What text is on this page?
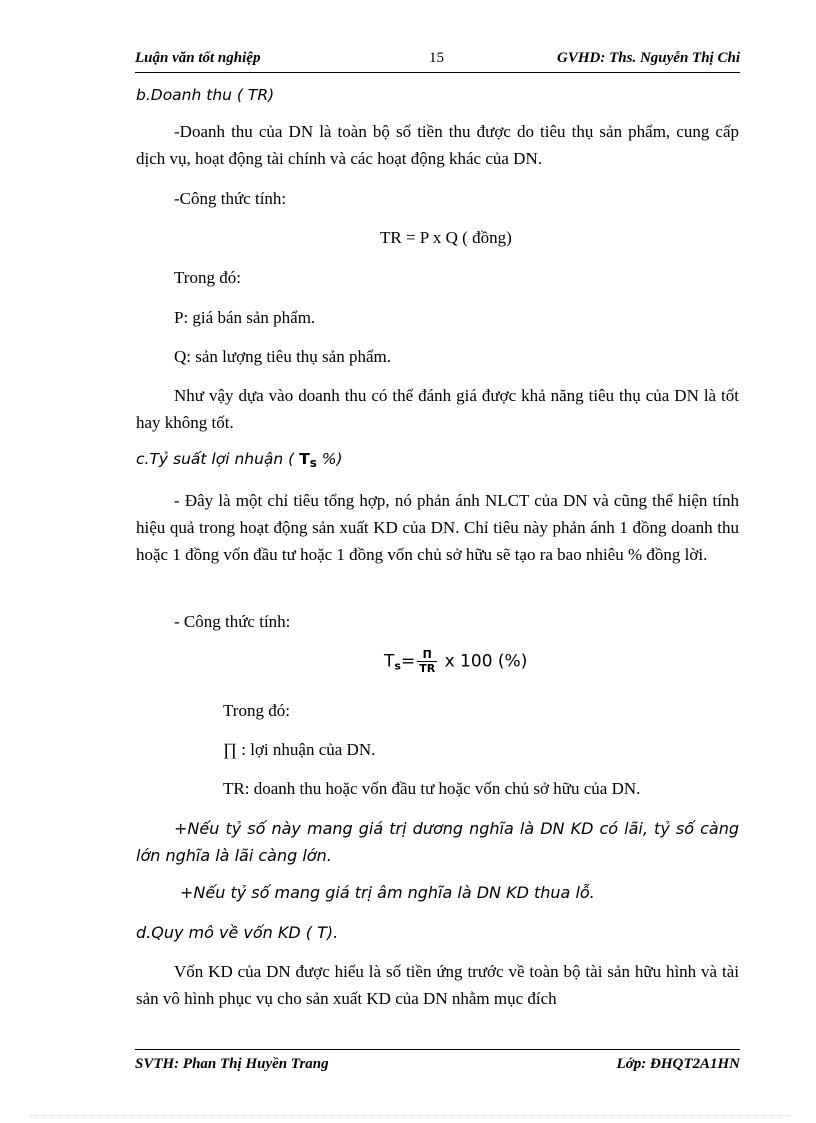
Luận văn tốt nghiệp	15	GVHD: Ths. Nguyễn Thị Chi
b.Doanh thu ( TR)
-Doanh thu của DN là toàn bộ số tiền thu được do tiêu thụ sản phẩm, cung cấp dịch vụ, hoạt động tài chính và các hoạt động khác của DN.
-Công thức tính:
TR = P x Q ( đồng)
Trong đó:
P: giá bán sản phẩm.
Q: sản lượng tiêu thụ sản phẩm.
Như vậy dựa vào doanh thu có thể đánh giá được khả năng tiêu thụ của DN là tốt hay không tốt.
c.Tỷ suất lợi nhuận ( $T_s$ %)
- Đây là một chỉ tiêu tổng hợp, nó phản ánh NLCT của DN và cũng thể hiện tính hiệu quả trong hoạt động sản xuất KD của DN. Chỉ tiêu này phản ánh 1 đồng doanh thu hoặc 1 đồng vốn đầu tư hoặc 1 đồng vốn chủ sở hữu sẽ tạo ra bao nhiêu % đồng lời.
- Công thức tính:
$T_s= \frac{\Pi}{TR}$ x 100 (%)
Trong đó:
∏ : lợi nhuận của DN.
TR: doanh thu hoặc vốn đầu tư hoặc vốn chủ sở hữu của DN.
+Nếu tỷ số này mang giá trị dương nghĩa là DN KD có lãi, tỷ số càng lớn nghĩa là lãi càng lớn.
+Nếu tỷ số mang giá trị âm nghĩa là DN KD thua lỗ.
d.Quy mô về vốn KD ( T).
Vốn KD của DN được hiểu là số tiền ứng trước về toàn bộ tài sản hữu hình và tài sản vô hình phục vụ cho sản xuất KD của DN nhằm mục đích
SVTH: Phan Thị Huyền Trang	Lớp: ĐHQT2A1HN
